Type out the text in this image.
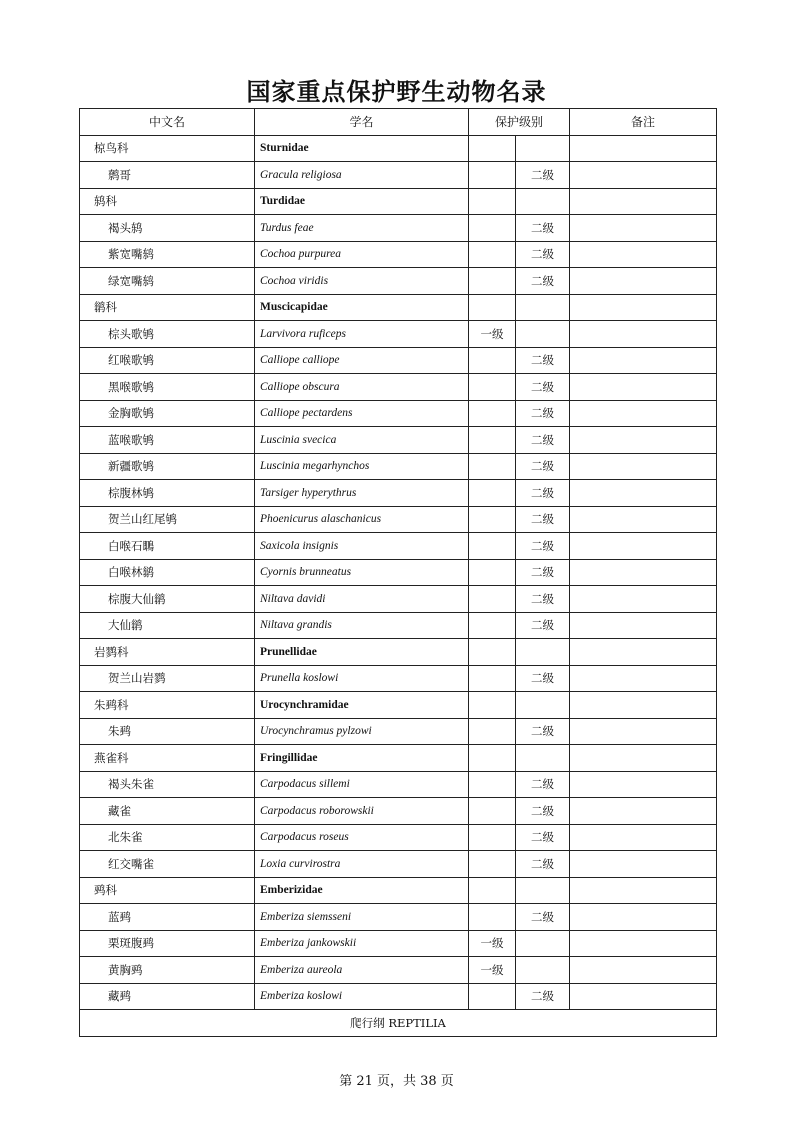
国家重点保护野生动物名录
中文名	学名	保护级别		备注
椋鸟科	Sturnidae			
鹩哥	Gracula religiosa		二级	
鸫科	Turdidae			
褐头鸫	Turdus feae		二级	
紫宽嘴鸫	Cochoa purpurea		二级	
绿宽嘴鸫	Cochoa viridis		二级	
鹟科	Muscicapidae			
棕头歌鸲	Larvivora ruficeps	一级		
红喉歌鸲	Calliope calliope		二级	
黑喉歌鸲	Calliope obscura		二级	
金胸歌鸲	Calliope pectardens		二级	
蓝喉歌鸲	Luscinia svecica		二级	
新疆歌鸲	Luscinia megarhynchos		二级	
棕腹林鸲	Tarsiger hyperythrus		二级	
贺兰山红尾鸲	Phoenicurus alaschanicus		二级	
白喉石䳭	Saxicola insignis		二级	
白喉林鹟	Cyornis brunneatus		二级	
棕腹大仙鹟	Niltava davidi		二级	
大仙鹟	Niltava grandis		二级	
岩鹨科	Prunellidae			
贺兰山岩鹨	Prunella koslowi		二级	
朱鹀科	Urocynchramidae			
朱鹀	Urocynchramus pylzowi		二级	
燕雀科	Fringillidae			
褐头朱雀	Carpodacus sillemi		二级	
藏雀	Carpodacus roborowskii		二级	
北朱雀	Carpodacus roseus		二级	
红交嘴雀	Loxia curvirostra		二级	
鹀科	Emberizidae			
蓝鹀	Emberiza siemsseni		二级	
栗斑腹鹀	Emberiza jankowskii	一级		
黄胸鹀	Emberiza aureola	一级		
藏鹀	Emberiza koslowi		二级	
爬行纲 REPTILIA				
第 21 页，共 38 页
